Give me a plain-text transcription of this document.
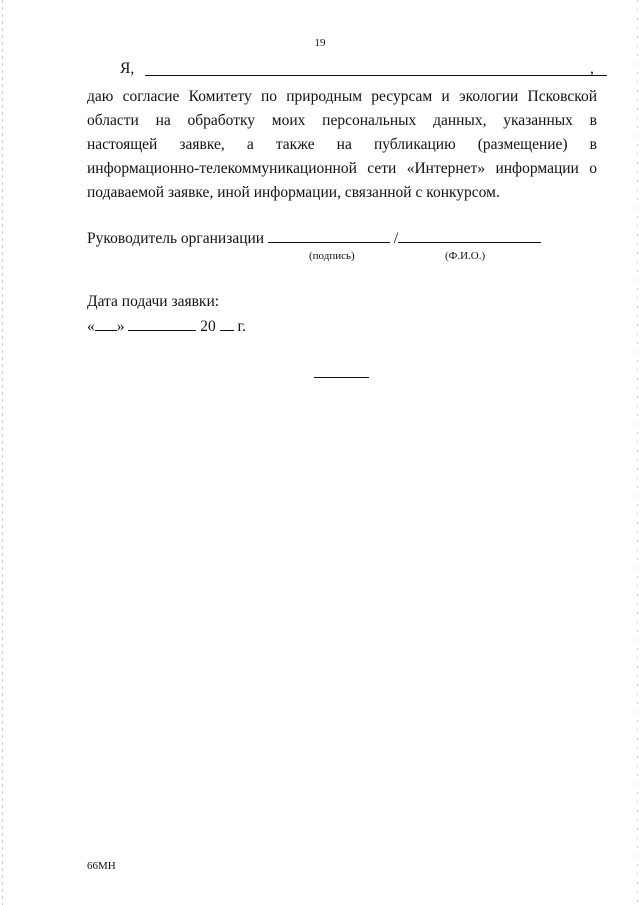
19
Я,	,
даю согласие Комитету по природным ресурсам и экологии Псковской
области на обработку моих персональных данных, указанных в
настоящей заявке, а также на публикацию (размещение) в
информационно-телекоммуникационной сети «Интернет» информации о
подаваемой заявке, иной информации, связанной с конкурсом.
Руководитель организации	/
(подпись)	(Ф.И.О.)
Дата подачи заявки:
« »	20 г.
66МН
